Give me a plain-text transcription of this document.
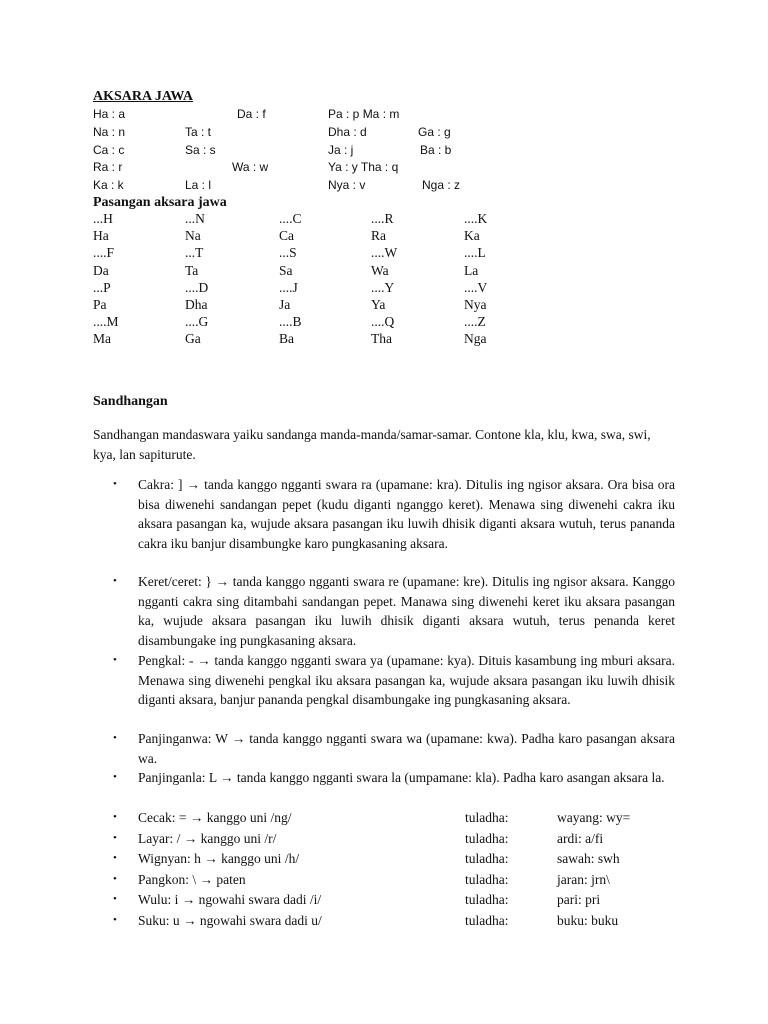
AKSARA JAWA
Ha : a	Da : f	Pa : p Ma : m
Na : n	Ta : t	Dha : d	Ga : g
Ca : c	Sa : s	Ja : j	Ba : b
Ra : r	Wa : w	Ya : y Tha : q
Ka : k	La : l	Nya : v	Nga : z
Pasangan aksara jawa
...H	...N	....C	....R	....K
Ha	Na	Ca	Ra	Ka
....F	...T	...S	....W	....L
Da	Ta	Sa	Wa	La
...P	....D	....J	....Y	....V
Pa	Dha	Ja	Ya	Nya
....M	....G	....B	....Q	....Z
Ma	Ga	Ba	Tha	Nga
Sandhangan
Sandhangan mandaswara yaiku sandanga manda-manda/samar-samar. Contone kla, klu, kwa, swa, swi, kya, lan sapiturute.
• Cakra: ] → tanda kanggo ngganti swara ra (upamane: kra). Ditulis ing ngisor aksara. Ora bisa ora bisa diwenehi sandangan pepet (kudu diganti nganggo keret). Menawa sing diwenehi cakra iku aksara pasangan ka, wujude aksara pasangan iku luwih dhisik diganti aksara wutuh, terus pananda cakra iku banjur disambungke karo pungkasaning aksara.
• Keret/ceret: } → tanda kanggo ngganti swara re (upamane: kre). Ditulis ing ngisor aksara. Kanggo ngganti cakra sing ditambahi sandangan pepet. Manawa sing diwenehi keret iku aksara pasangan ka, wujude aksara pasangan iku luwih dhisik diganti aksara wutuh, terus penanda keret disambungake ing pungkasaning aksara.
• Pengkal: - → tanda kanggo ngganti swara ya (upamane: kya). Dituis kasambung ing mburi aksara. Menawa sing diwenehi pengkal iku aksara pasangan ka, wujude aksara pasangan iku luwih dhisik diganti aksara, banjur pananda pengkal disambungake ing pungkasaning aksara.
• Panjinganwa: W → tanda kanggo ngganti swara wa (upamane: kwa). Padha karo pasangan aksara wa.
• Panjinganla: L → tanda kanggo ngganti swara la (umpamane: kla). Padha karo asangan aksara la.
• Cecak: = → kanggo uni /ng/	tuladha:	wayang: wy=
• Layar: / → kanggo uni /r/	tuladha:	ardi: a/fi
• Wignyan: h → kanggo uni /h/	tuladha:	sawah: swh
• Pangkon: \ → paten	tuladha:	jaran: jrn\
• Wulu: i → ngowahi swara dadi /i/	tuladha:	pari: pri
• Suku: u → ngowahi swara dadi u/	tuladha:	buku: buku
